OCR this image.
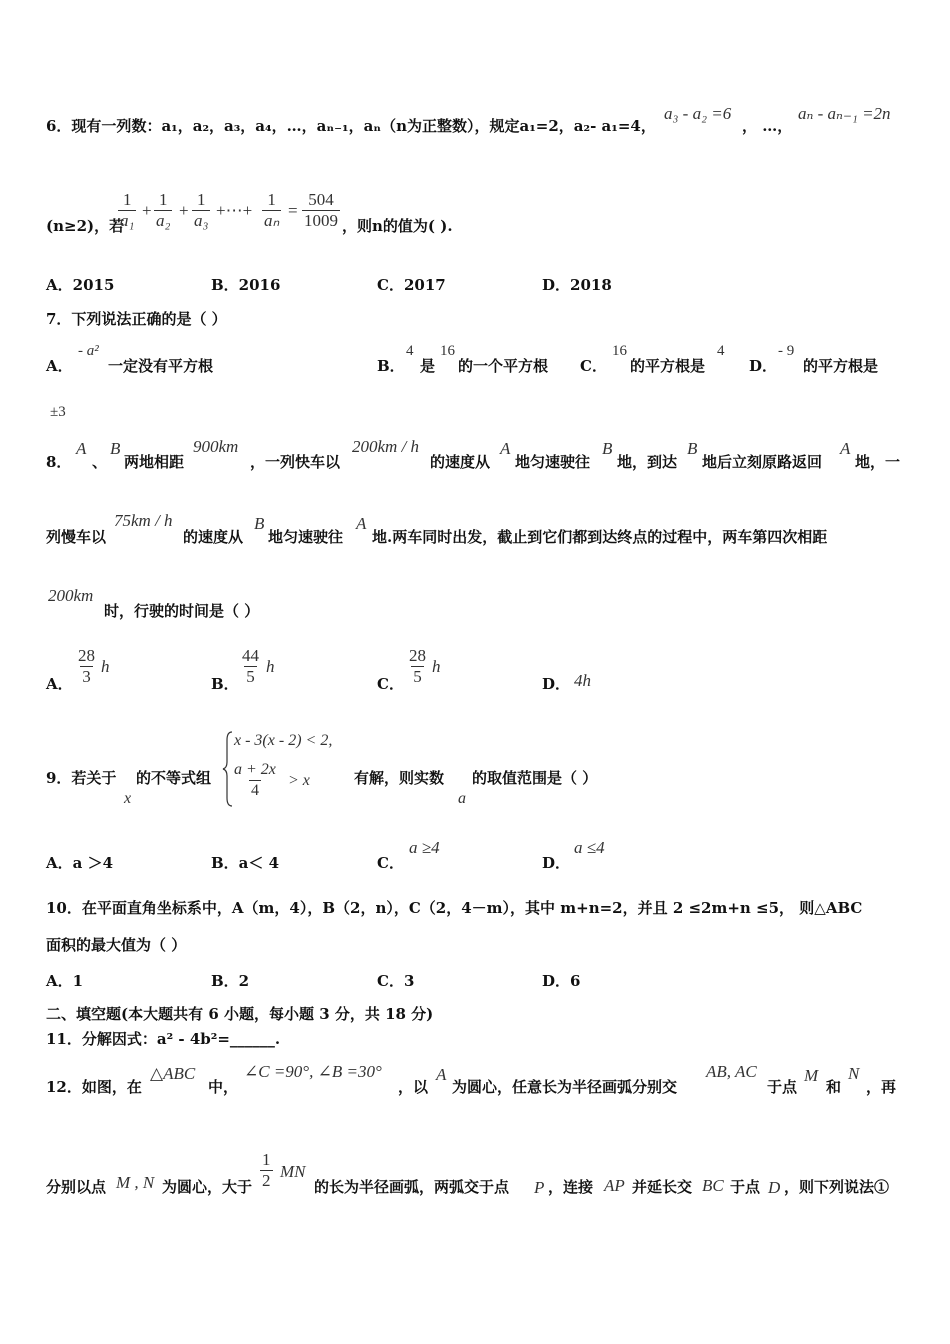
6．现有一列数：a₁，a₂，a₃，a₄，…，aₙ₋₁，aₙ（n为正整数），规定a₁=2，a₂- a₁=4，
a₃ - a₂ =6
， …，
aₙ - aₙ₋₁ =2n
(n≥2)，若
$\frac{1}{\text{a₁}} + \frac{1}{\text{a₂}} + \frac{1}{\text{a₃}}$ +⋯+ $\frac{1}{\text{aₙ}} = \frac{504}{1009}$ ，则n的值为( ).
A．2015	B．2016	C．2017	D．2018
7．下列说法正确的是（ ）
A．
- a²
一定没有平方根	B．
4
是
16
的一个平方根 C．
16
的平方根是
4
D．
- 9
的平方根是
±3
8．
A
、
B
两地相距
900km
，一列快车以
200km / h
的速度从
A
地匀速驶往
B
地，到达
B
地后立刻原路返回
A
地，一
列慢车以
75km / h
的速度从
B
地匀速驶往
A
地.两车同时出发，截止到它们都到达终点的过程中，两车第四次相距
200km
时，行驶的时间是（ ）
A． $\frac{28}{3}$ h
B． $\frac{44}{5}$ h
C． $\frac{28}{5}$ h
D． 4h
9．若关于
x
的不等式组
x - 3(x - 2) < 2,
$\frac{a + 2x}{4} > x$	有解，则实数
a
的取值范围是（ ）
A．a ＞4	B．a＜ 4	C．
a ≥4
D．
a ≤4
10．在平面直角坐标系中，A（m，4），B（2，n），C（2，4－m），其中 m+n=2，并且 2 ≤2m+n ≤5， 则△ABC
面积的最大值为（ ）
A．1	B．2	C．3	D．6
二、填空题(本大题共有 6 小题，每小题 3 分，共 18 分)
11．分解因式：a² - 4b²=______.
12．如图，在
△ABC
中，
∠C =90°, ∠B =30°
，以
A
为圆心，任意长为半径画弧分别交
AB, AC
于点
M
和
N
，再
分别以点 M , N 为圆心，大于 $\frac{1}{2}$ MN
的长为半径画弧，两弧交于点 P ，连接 AP 并延长交 BC 于点 D ，则下列说法①
